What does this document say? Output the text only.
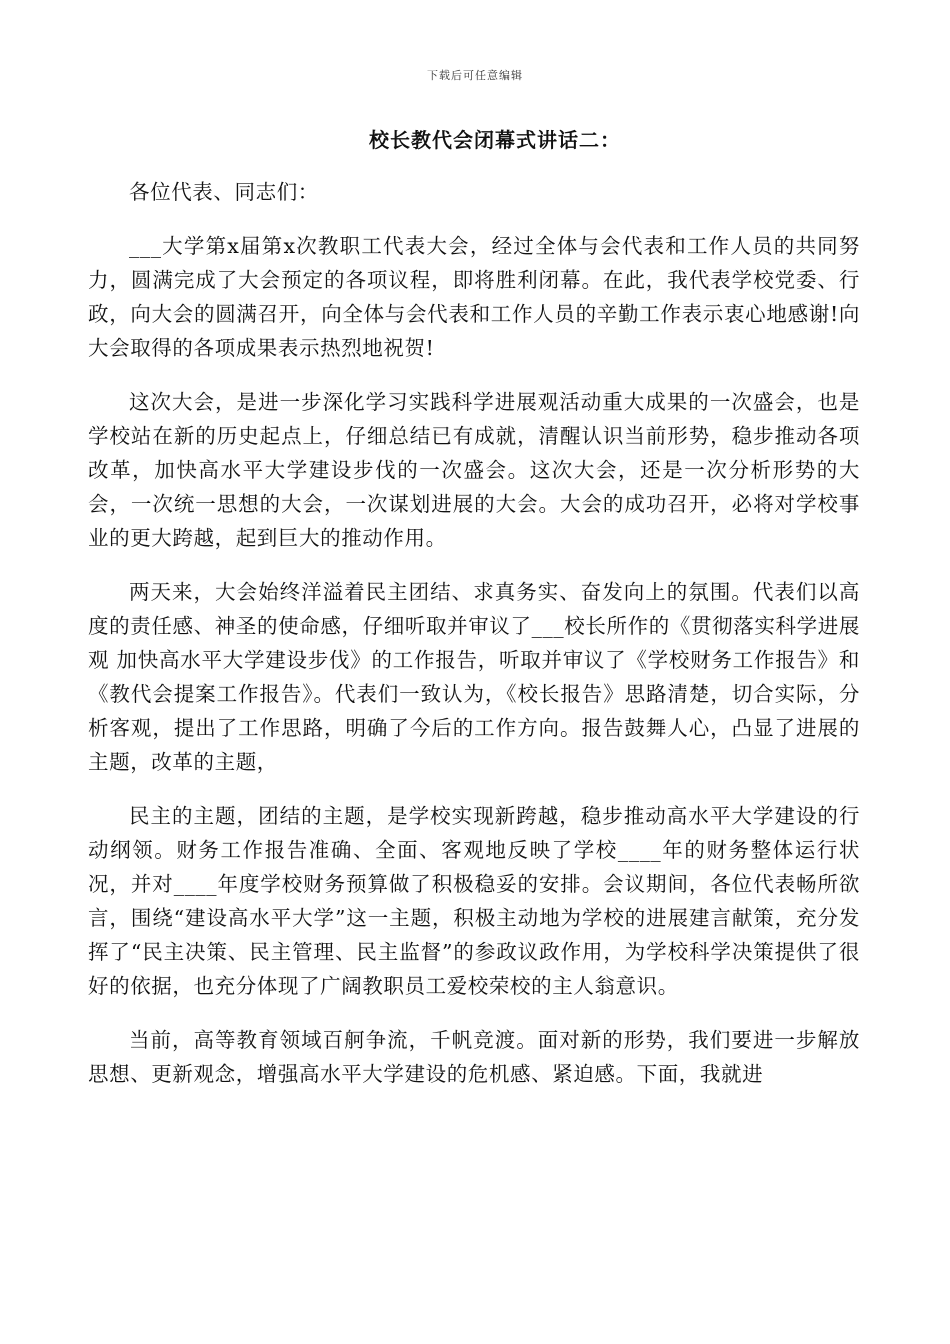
下载后可任意编辑
校长教代会闭幕式讲话二：

各位代表、同志们：

___大学第x届第x次教职工代表大会，经过全体与会代表和工作人员的共同努力，圆满完成了大会预定的各项议程，即将胜利闭幕。在此，我代表学校党委、行政，向大会的圆满召开，向全体与会代表和工作人员的辛勤工作表示衷心地感谢!向大会取得的各项成果表示热烈地祝贺!

这次大会，是进一步深化学习实践科学进展观活动重大成果的一次盛会，也是学校站在新的历史起点上，仔细总结已有成就，清醒认识当前形势，稳步推动各项改革，加快高水平大学建设步伐的一次盛会。这次大会，还是一次分析形势的大会，一次统一思想的大会，一次谋划进展的大会。大会的成功召开，必将对学校事业的更大跨越，起到巨大的推动作用。

两天来，大会始终洋溢着民主团结、求真务实、奋发向上的氛围。代表们以高度的责任感、神圣的使命感，仔细听取并审议了___校长所作的《贯彻落实科学进展观 加快高水平大学建设步伐》的工作报告，听取并审议了《学校财务工作报告》和《教代会提案工作报告》。代表们一致认为，《校长报告》思路清楚，切合实际，分析客观，提出了工作思路，明确了今后的工作方向。报告鼓舞人心，凸显了进展的主题，改革的主题，

民主的主题，团结的主题，是学校实现新跨越，稳步推动高水平大学建设的行动纲领。财务工作报告准确、全面、客观地反映了学校____年的财务整体运行状况，并对____年度学校财务预算做了积极稳妥的安排。会议期间，各位代表畅所欲言，围绕“建设高水平大学”这一主题，积极主动地为学校的进展建言献策，充分发挥了“民主决策、民主管理、民主监督”的参政议政作用，为学校科学决策提供了很好的依据，也充分体现了广阔教职员工爱校荣校的主人翁意识。

当前，高等教育领域百舸争流，千帆竞渡。面对新的形势，我们要进一步解放思想、更新观念，增强高水平大学建设的危机感、紧迫感。下面，我就进
